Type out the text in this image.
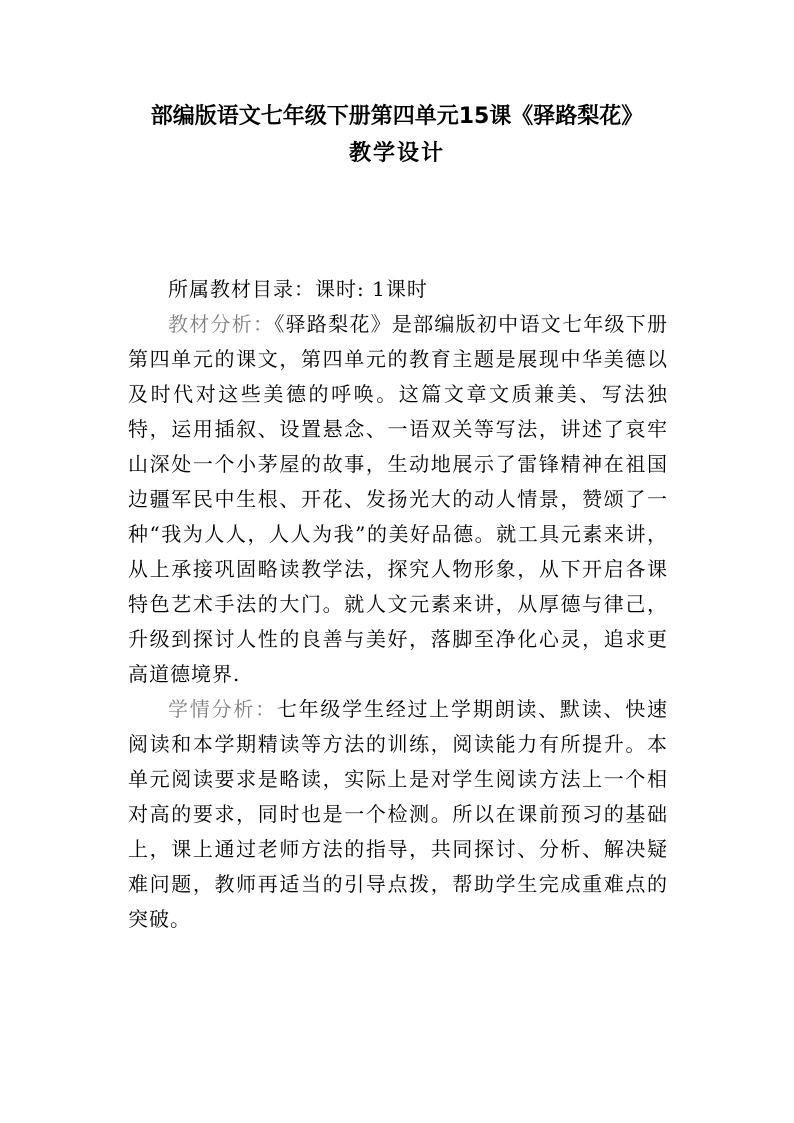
部编版语文七年级下册第四单元15课《驿路梨花》
教学设计

所属教材目录：课时: 1课时

教材分析：《驿路梨花》是部编版初中语文七年级下册第四单元的课文，第四单元的教育主题是展现中华美德以及时代对这些美德的呼唤。这篇文章文质兼美、写法独特，运用插叙、设置悬念、一语双关等写法，讲述了哀牢山深处一个小茅屋的故事，生动地展示了雷锋精神在祖国边疆军民中生根、开花、发扬光大的动人情景，赞颂了一种“我为人人，人人为我”的美好品德。就工具元素来讲，从上承接巩固略读教学法，探究人物形象，从下开启各课特色艺术手法的大门。就人文元素来讲，从厚德与律己，升级到探讨人性的良善与美好，落脚至净化心灵，追求更高道德境界.

学情分析：七年级学生经过上学期朗读、默读、快速阅读和本学期精读等方法的训练，阅读能力有所提升。本单元阅读要求是略读，实际上是对学生阅读方法上一个相对高的要求，同时也是一个检测。所以在课前预习的基础上，课上通过老师方法的指导，共同探讨、分析、解决疑难问题，教师再适当的引导点拨，帮助学生完成重难点的突破。
